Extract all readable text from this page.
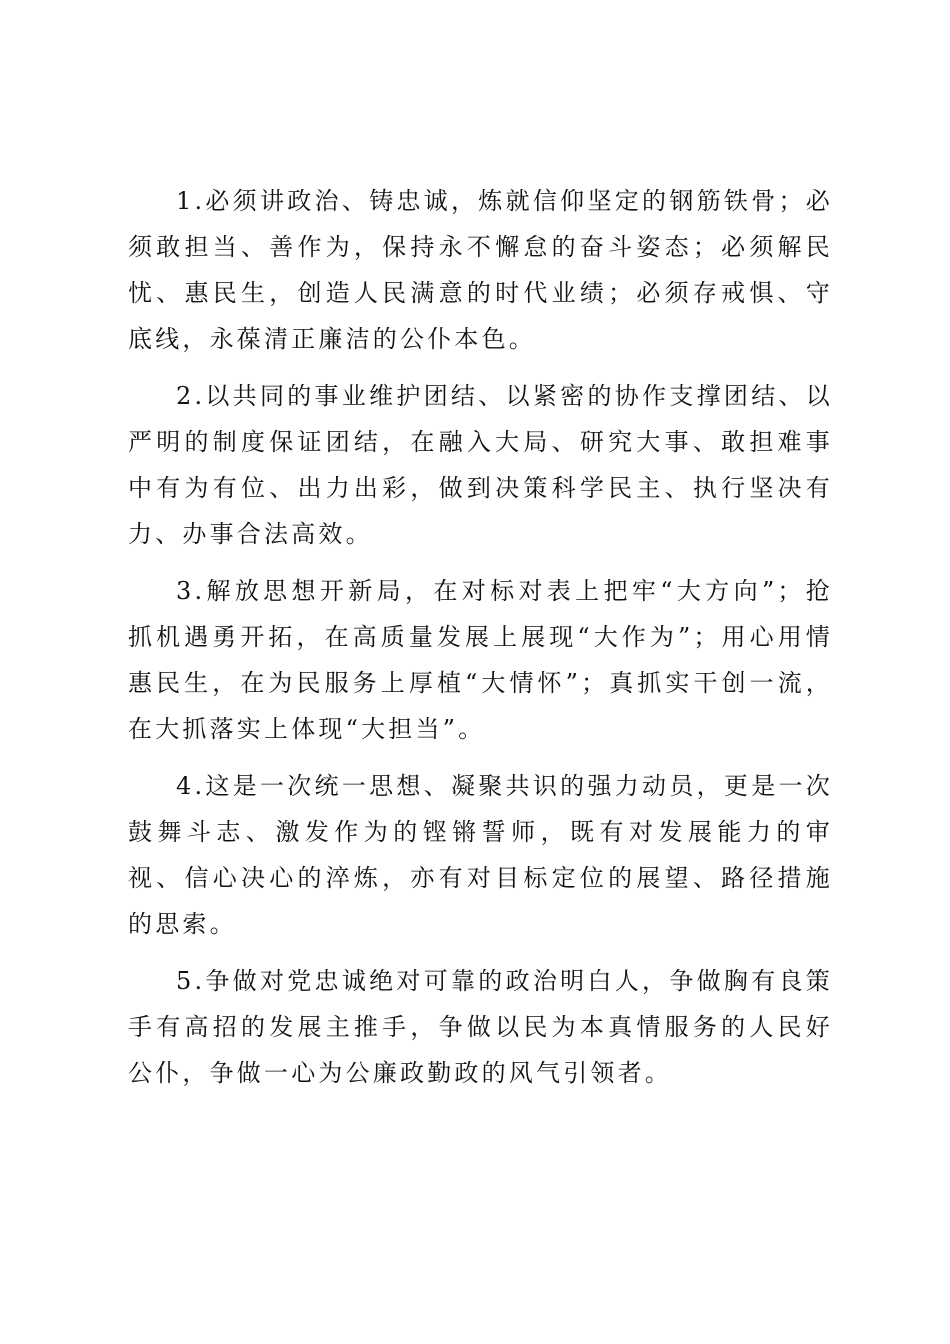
1.必须讲政治、铸忠诚，炼就信仰坚定的钢筋铁骨；必须敢担当、善作为，保持永不懈怠的奋斗姿态；必须解民忧、惠民生，创造人民满意的时代业绩；必须存戒惧、守底线，永葆清正廉洁的公仆本色。

2.以共同的事业维护团结、以紧密的协作支撑团结、以严明的制度保证团结，在融入大局、研究大事、敢担难事中有为有位、出力出彩，做到决策科学民主、执行坚决有力、办事合法高效。

3.解放思想开新局，在对标对表上把牢“大方向”；抢抓机遇勇开拓，在高质量发展上展现“大作为”；用心用情惠民生，在为民服务上厚植“大情怀”；真抓实干创一流，在大抓落实上体现“大担当”。

4.这是一次统一思想、凝聚共识的强力动员，更是一次鼓舞斗志、激发作为的铿锵誓师，既有对发展能力的审视、信心决心的淬炼，亦有对目标定位的展望、路径措施的思索。

5.争做对党忠诚绝对可靠的政治明白人，争做胸有良策手有高招的发展主推手，争做以民为本真情服务的人民好公仆，争做一心为公廉政勤政的风气引领者。
